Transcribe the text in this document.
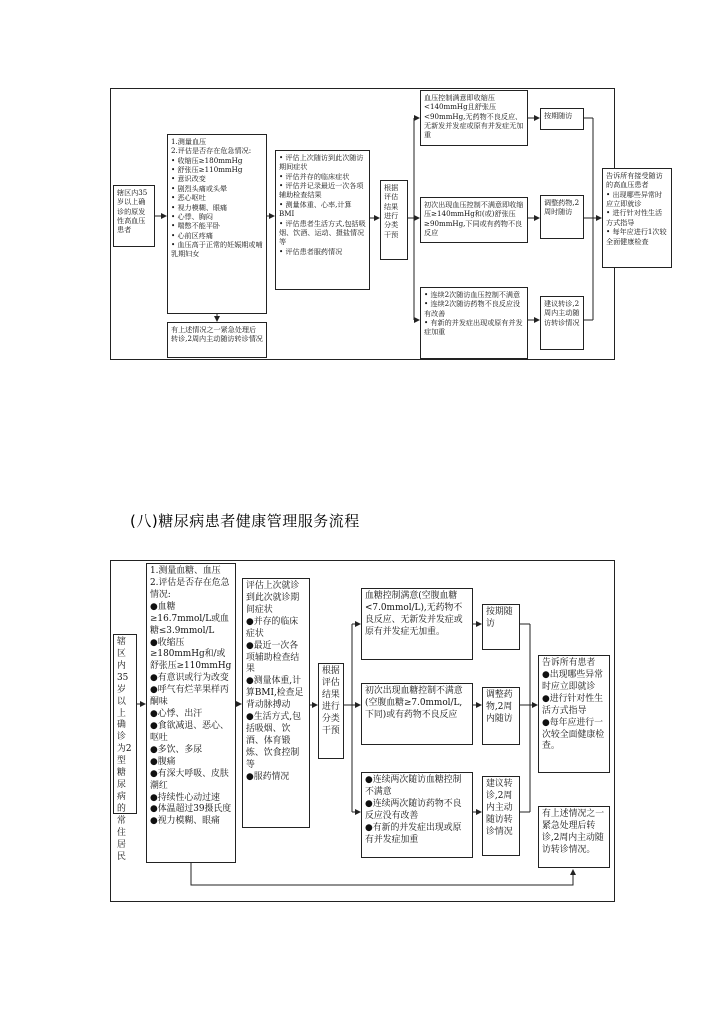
辖区内35岁以上确诊的原发性高血压患者
1.测量血压
2.评估是否存在危急情况:
• 收缩压≥180mmHg
• 舒张压≥110mmHg
• 意识改变
• 剧烈头痛或头晕
• 恶心呕吐
• 视力模糊、眼痛
• 心悸、胸闷
• 喘憋不能平卧
• 心前区疼痛
• 血压高于正常的妊娠期或哺乳期妇女
有上述情况之一紧急处理后转诊,2周内主动随访转诊情况
• 评估上次随访到此次随访期间症状
• 评估并存的临床症状
• 评估并记录最近一次各项辅助检查结果
• 测量体重、心率,计算BMI
• 评估患者生活方式,包括吸烟、饮酒、运动、摄盐情况等
• 评估患者服药情况
根据评估结果进行分类干预
血压控制满意即收缩压<140mmHg且舒张压<90mmHg,无药物不良反应、无新发并发症或原有并发症无加重
初次出现血压控制不满意即收缩压≥140mmHg和(或)舒张压≥90mmHg,下同或有药物不良反应
• 连续2次随访血压控制不满意
• 连续2次随访药物不良反应没有改善
• 有新的并发症出现或原有并发症加重
按期随访
调整药物,2周时随访
建议转诊,2周内主动随访转诊情况
告诉所有接受随访的高血压患者
• 出现哪些异常时应立即就诊
• 进行针对性生活方式指导
• 每年应进行1次较全面健康检查
(八)糖尿病患者健康管理服务流程
辖区内35岁以上确诊为2型糖尿病的常住居民
1.测量血糖、血压
2.评估是否存在危急情况:
●血糖≥16.7mmol/L或血糖≤3.9mmol/L
●收缩压≥180mmHg和/或舒张压≥110mmHg
●有意识或行为改变
●呼气有烂苹果样丙酮味
●心悸、出汗
●食欲减退、恶心、呕吐
●多饮、多尿
●腹痛
●有深大呼吸、皮肤潮红
●持续性心动过速
●体温超过39摄氏度
●视力模糊、眼痛
评估上次就诊到此次就诊期间症状
●并存的临床症状
●最近一次各项辅助检查结果
●测量体重,计算BMI,检查足背动脉搏动
●生活方式,包括吸烟、饮酒、体育锻炼、饮食控制等
●服药情况
根据评估结果进行分类干预
血糖控制满意(空腹血糖<7.0mmol/L),无药物不良反应、无新发并发症或原有并发症无加重。
初次出现血糖控制不满意(空腹血糖≥7.0mmol/L,下同)或有药物不良反应
●连续两次随访血糖控制不满意
●连续两次随访药物不良反应没有改善
●有新的并发症出现或原有并发症加重
按期随访
调整药物,2周内随访
建议转诊,2周内主动随访转诊情况
告诉所有患者
●出现哪些异常时应立即就诊
●进行针对性生活方式指导
●每年应进行一次较全面健康检查。
有上述情况之一紧急处理后转诊,2周内主动随访转诊情况。
